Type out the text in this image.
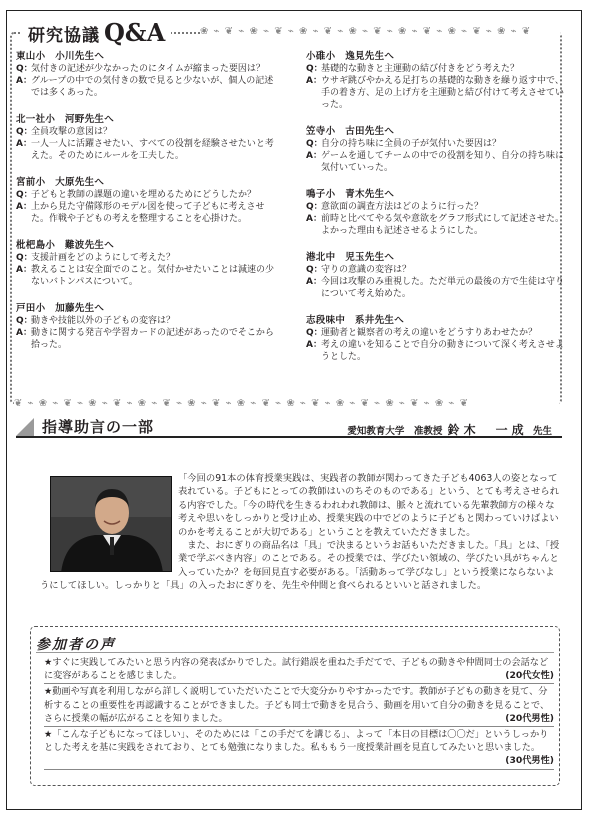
❀ ⌁ ❦ ⌁ ❀ ⌁ ❦ ⌁ ❀ ⌁ ❦ ⌁ ❀ ⌁ ❦ ⌁ ❀ ⌁ ❦ ⌁ ❀ ⌁ ❦ ⌁ ❀ ⌁ ❦
❦ ⌁ ❀ ⌁ ❦ ⌁ ❀ ⌁ ❦ ⌁ ❀ ⌁ ❦ ⌁ ❀ ⌁ ❦ ⌁ ❀ ⌁ ❦ ⌁ ❀ ⌁ ❦ ⌁ ❀ ⌁ ❦ ⌁ ❀ ⌁ ❦ ⌁ ❀ ⌁ ❦
研究協議 Q&A
東山小　小川先生へ
Q：
気付きの記述が少なかったのにタイムが縮まった要因は？
A： グループの中での気付きの数で見ると少ないが、個人の記述では多くあった。
北一社小　河野先生へ
Q：
全員攻撃の意図は？
A： 一人一人に活躍させたい、すべての役割を経験させたいと考えた。そのためにルールを工夫した。
宮前小　大原先生へ
Q：
子どもと教師の課題の違いを埋めるためにどうしたか？
A： 上から見た守備隊形のモデル図を使って子どもに考えさせた。作戦や子どもの考えを整理することを心掛けた。
枇杷島小　難波先生へ
Q：
支援計画をどのようにして考えた？
A： 教えることは安全面でのこと。気付かせたいことは減速の少ないバトンパスについて。
戸田小　加藤先生へ
Q：
動きや技能以外の子どもの変容は？
A： 動きに関する発言や学習カードの記述があったのでそこから拾った。
小碓小　逸見先生へ
Q：
基礎的な動きと主運動の結び付きをどう考えた？
A： ウサギ跳びやかえる足打ちの基礎的な動きを繰り返す中で、手の着き方、足の上げ方を主運動と結び付けて考えさせていった。
笠寺小　古田先生へ
Q：
自分の持ち味に全員の子が気付いた要因は？
A： ゲームを通してチームの中での役割を知り、自分の持ち味に気付いていった。
鳴子小　青木先生へ
Q：
意欲面の調査方法はどのように行った？
A： 前時と比べてやる気や意欲をグラフ形式にして記述させた。よかった理由も記述させるようにした。
港北中　児玉先生へ
Q：
守りの意識の変容は？
A： 今回は攻撃のみ重視した。ただ単元の最後の方で生徒は守りについて考え始めた。
志段味中　系井先生へ
Q：
運動者と観察者の考えの違いをどうすりあわせたか？
A： 考えの違いを知ることで自分の動きについて深く考えさせようとした。
指導助言の一部	愛知教育大学　准教授 鈴木　一成 先生

「今回の91本の体育授業実践は、実践者の教師が関わってきた子ども4063人の姿となって表れている。子どもにとっての教師はいのちそのものである」という、とても考えさせられる内容でした。「今の時代を生きるわれわれ教師は、脈々と流れている先輩教師方の様々な考えや思いをしっかりと受け止め、授業実践の中でどのように子どもと関わっていけばよいのかを考えることが大切である」ということを教えていただきました。

また、おにぎりの商品名は「具」で決まるというお話もいただきました。「具」とは、「授業で学ぶべき内容」のことである。その授業では、学びたい領域の、学びたい具がちゃんと入っていたか？を毎回見直す必要がある。「活動あって学びなし」という授業にならないようにしてほしい。しっかりと「具」の入ったおにぎりを、先生や仲間と食べられるといいと話されました。

参加者の声
★すぐに実践してみたいと思う内容の発表ばかりでした。試行錯誤を重ねた手だてで、子どもの動きや仲間同士の会話などに変容があることを感じました。	(20代女性)
★動画や写真を利用しながら詳しく説明していただいたことで大変分かりやすかったです。教師が子どもの動きを見て、分析することの重要性を再認識することができました。子ども同士で動きを見合う、動画を用いて自分の動きを見ることで、さらに授業の幅が広がることを知りました。	(20代男性)
★「こんな子どもになってほしい」、そのためには「この手だてを講じる」、よって「本日の目標は〇〇だ」というしっかりとした考えを基に実践をされており、とても勉強になりました。私ももう一度授業計画を見直してみたいと思いました。
(30代男性)
